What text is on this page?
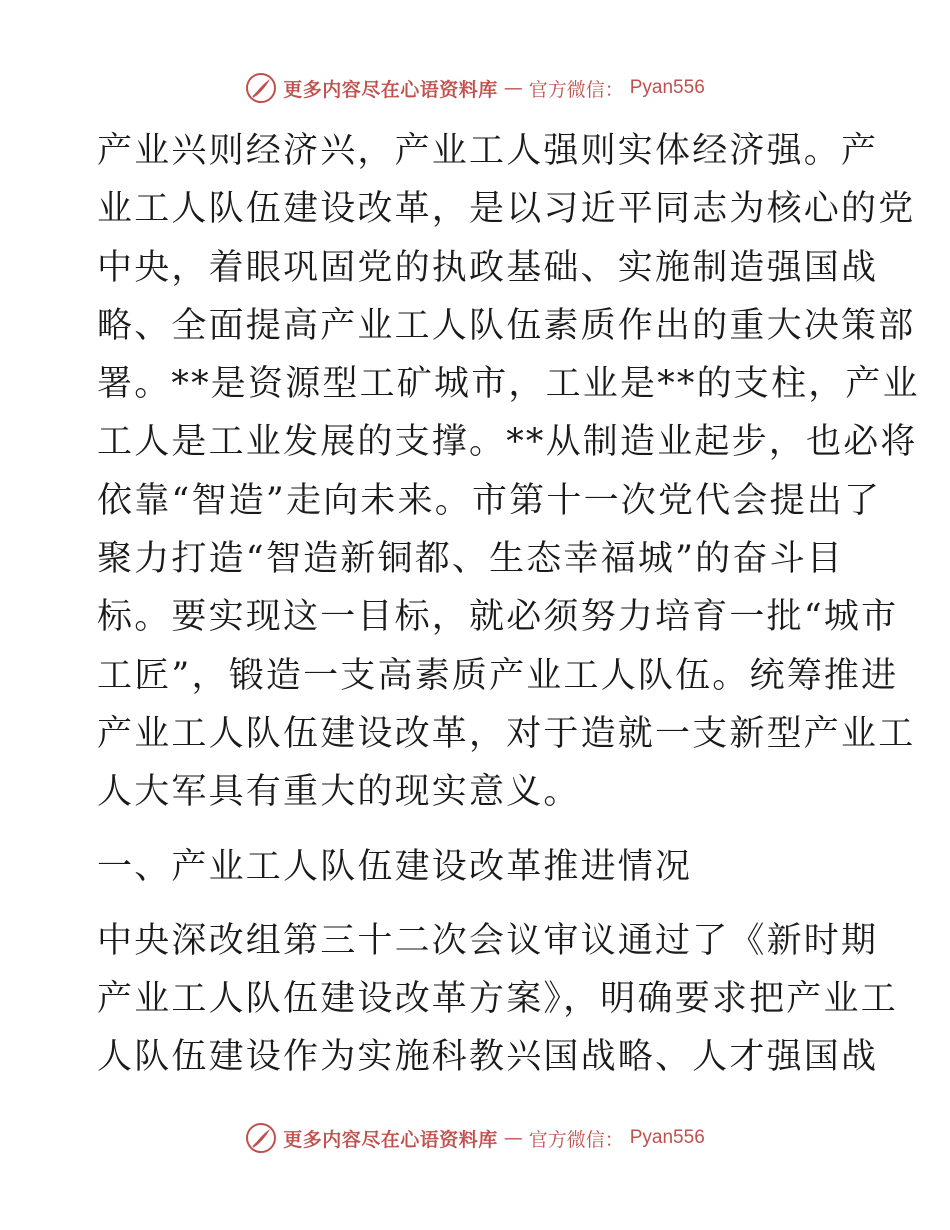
更多内容尽在心语资料库 — 官方微信： Pyan556
产业兴则经济兴，产业工人强则实体经济强。产
业工人队伍建设改革，是以习近平同志为核心的党
中央，着眼巩固党的执政基础、实施制造强国战
略、全面提高产业工人队伍素质作出的重大决策部
署。**是资源型工矿城市，工业是**的支柱，产业
工人是工业发展的支撑。**从制造业起步，也必将
依靠“智造”走向未来。市第十一次党代会提出了
聚力打造“智造新铜都、生态幸福城”的奋斗目
标。要实现这一目标，就必须努力培育一批“城市
工匠”，锻造一支高素质产业工人队伍。统筹推进
产业工人队伍建设改革，对于造就一支新型产业工
人大军具有重大的现实意义。
一、产业工人队伍建设改革推进情况
中央深改组第三十二次会议审议通过了《新时期
产业工人队伍建设改革方案》，明确要求把产业工
人队伍建设作为实施科教兴国战略、人才强国战
更多内容尽在心语资料库 — 官方微信： Pyan556
